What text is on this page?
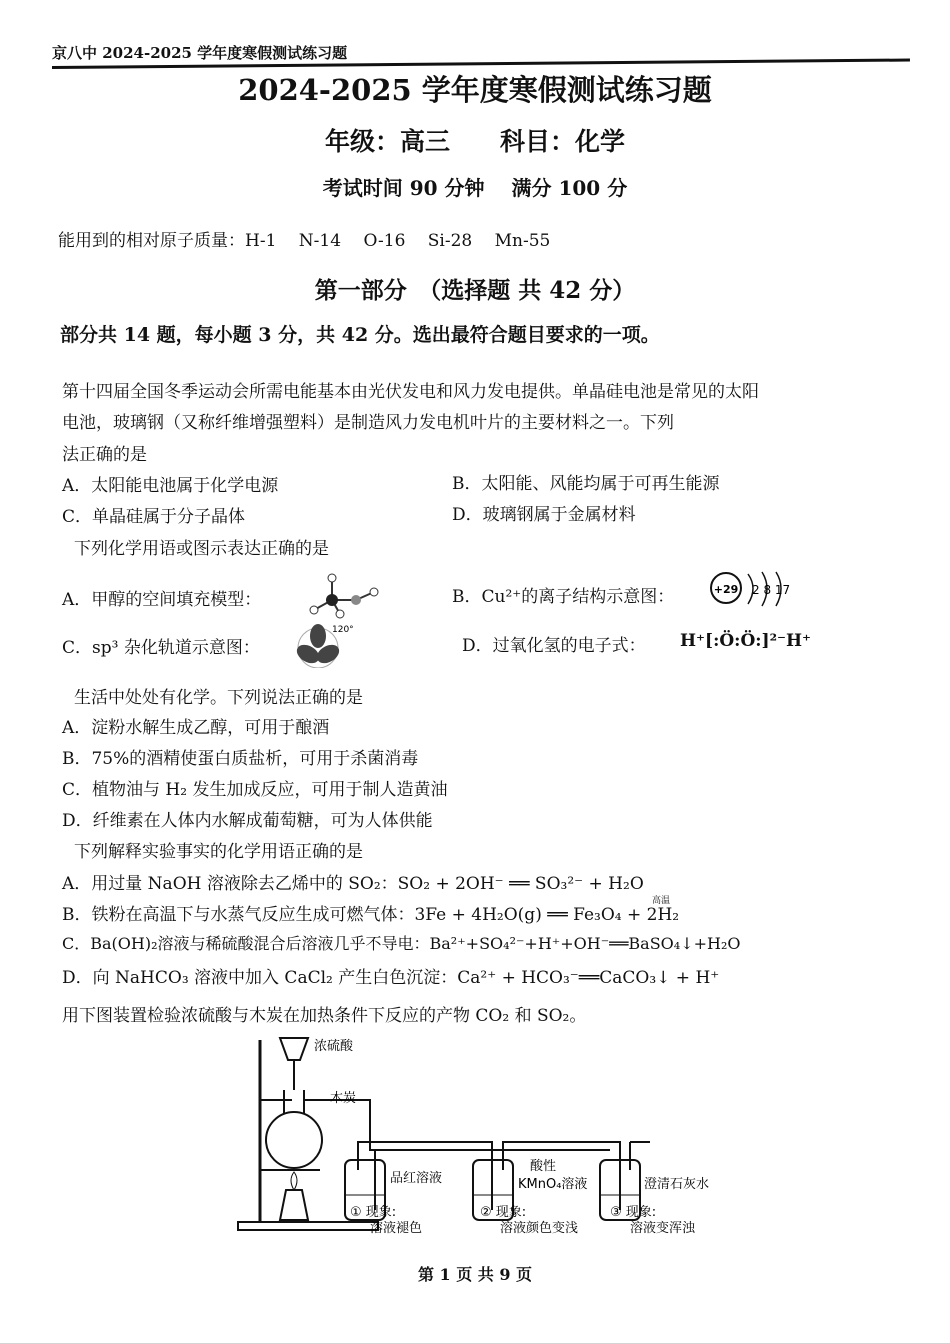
京八中 2024-2025 学年度寒假测试练习题
2024-2025 学年度寒假测试练习题
年级：高三　　科目：化学
考试时间 90 分钟　 满分 100 分
能用到的相对原子质量：H-1　 N-14　 O-16　 Si-28　 Mn-55
第一部分　（选择题 共 42 分）
部分共 14 题，每小题 3 分，共 42 分。选出最符合题目要求的一项。
第十四届全国冬季运动会所需电能基本由光伏发电和风力发电提供。单晶硅电池是常见的太阳
电池，玻璃钢（又称纤维增强塑料）是制造风力发电机叶片的主要材料之一。下列
法正确的是
A．太阳能电池属于化学电源	B．太阳能、风能均属于可再生能源
C．单晶硅属于分子晶体	D．玻璃钢属于金属材料
下列化学用语或图示表达正确的是
A．甲醇的空间填充模型：	B．Cu²⁺的离子结构示意图：	+29 2 8 17
C．sp³ 杂化轨道示意图：
120°
D．过氧化氢的电子式： H⁺[:Ö:Ö:]²⁻H⁺
生活中处处有化学。下列说法正确的是
A．淀粉水解生成乙醇，可用于酿酒
B．75%的酒精使蛋白质盐析，可用于杀菌消毒
C．植物油与 H₂ 发生加成反应，可用于制人造黄油
D．纤维素在人体内水解成葡萄糖，可为人体供能
下列解释实验事实的化学用语正确的是
A．用过量 NaOH 溶液除去乙烯中的 SO₂：SO₂ + 2OH⁻ ══ SO₃²⁻ + H₂O
B．铁粉在高温下与水蒸气反应生成可燃气体：3Fe + 4H₂O(g) ══ Fe₃O₄ + 2H₂
高温
C．Ba(OH)₂溶液与稀硫酸混合后溶液几乎不导电：Ba²⁺+SO₄²⁻+H⁺+OH⁻══BaSO₄↓+H₂O
D．向 NaHCO₃ 溶液中加入 CaCl₂ 产生白色沉淀：Ca²⁺ + HCO₃⁻══CaCO₃↓ + H⁺
用下图装置检验浓硫酸与木炭在加热条件下反应的产物 CO₂ 和 SO₂。
浓硫酸
木炭
品红溶液
酸性
KMnO₄溶液	澄清石灰水
① 现象:
溶液褪色
② 现象:
溶液颜色变浅
③ 现象:
溶液变浑浊
第 1 页 共 9 页
